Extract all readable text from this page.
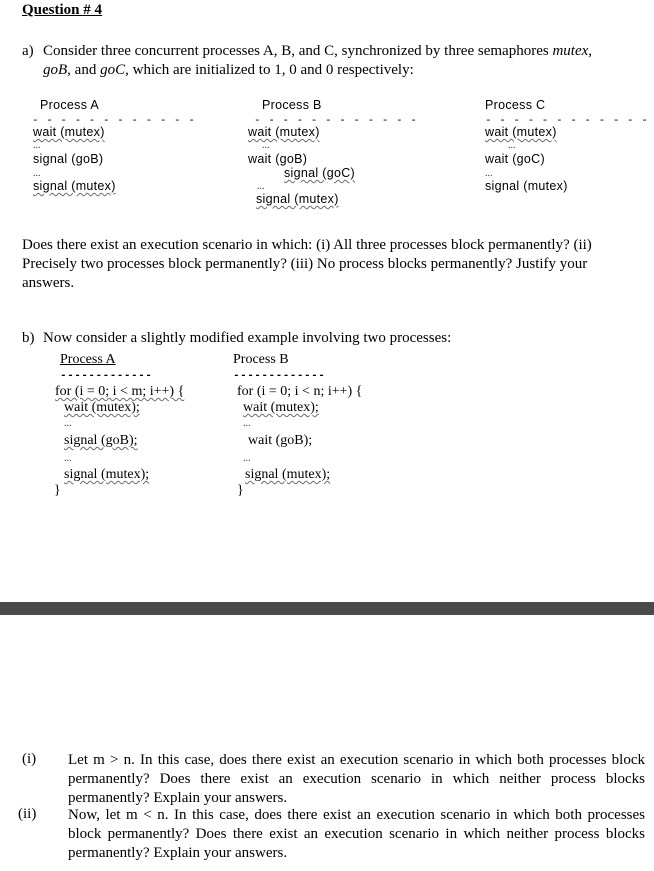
Question # 4
a) Consider three concurrent processes A, B, and C, synchronized by three semaphores mutex,
goB, and goC, which are initialized to 1, 0 and 0 respectively:
Process A
- - - - - - - - - - - -
wait (mutex)
...
signal (goB)
...
signal (mutex)
Process B
- - - - - - - - - - - -
wait (mutex)
...
wait (goB)
signal (goC)
...
signal (mutex)
Process C
- - - - - - - - - - - -
wait (mutex)
...
wait (goC)
...
signal (mutex)
Does there exist an execution scenario in which: (i) All three processes block permanently? (ii) Precisely two processes block permanently? (iii) No process blocks permanently? Justify your answers.
b) Now consider a slightly modified example involving two processes:
Process A
-------------
for (i = 0; i < m; i++) {
wait (mutex);
...
signal (goB);
...
signal (mutex);
}
Process B
-------------
for (i = 0; i < n; i++) {
wait (mutex);
...
wait (goB);
...
signal (mutex);
}
(i) Let m > n. In this case, does there exist an execution scenario in which both processes block permanently? Does there exist an execution scenario in which neither process blocks permanently? Explain your answers.
(ii) Now, let m < n. In this case, does there exist an execution scenario in which both processes block permanently? Does there exist an execution scenario in which neither process blocks permanently? Explain your answers.
